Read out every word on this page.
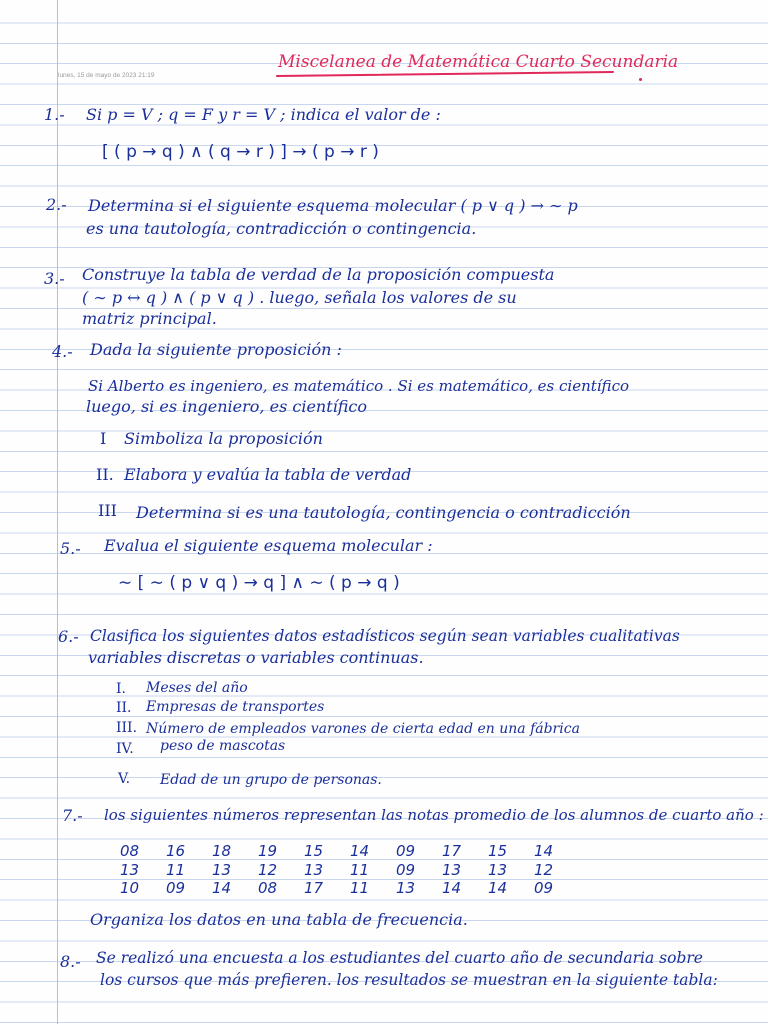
lunes, 15 de mayo de 2023 21:19
Miscelanea de Matemática Cuarto Secundaria
1.- Si p = V ; q = F y r = V ; indica el valor de :
[ ( p → q ) ∧ ( q → r ) ] → ( p → r )
2.- Determina si el siguiente esquema molecular ( p ∨ q ) → ∼ p
es una tautología, contradicción o contingencia.
3.- Construye la tabla de verdad de la proposición compuesta
( ∼ p ↔ q ) ∧ ( p ∨ q ) . luego, señala los valores de su
matriz principal.
4.- Dada la siguiente proposición :
Si Alberto es ingeniero, es matemático . Si es matemático, es científico
luego, si es ingeniero, es científico
I Simboliza la proposición
II. Elabora y evalúa la tabla de verdad
III Determina si es una tautología, contingencia o contradicción
5.- Evalua el siguiente esquema molecular :
∼ [ ∼ ( p ∨ q ) → q ] ∧ ∼ ( p → q )
6.- Clasifica los siguientes datos estadísticos según sean variables cualitativas
variables discretas o variables continuas.
I. Meses del año
II. Empresas de transportes
III. Número de empleados varones de cierta edad en una fábrica
IV. peso de mascotas
V. Edad de un grupo de personas.
7.- los siguientes números representan las notas promedio de los alumnos de cuarto año :
08	16	18	19	15	14	09	17	15	14
13	11	13	12	13	11	09	13	13	12
10	09	14	08	17	11	13	14	14	09
Organiza los datos en una tabla de frecuencia.
8.- Se realizó una encuesta a los estudiantes del cuarto año de secundaria sobre
los cursos que más prefieren. los resultados se muestran en la siguiente tabla:
